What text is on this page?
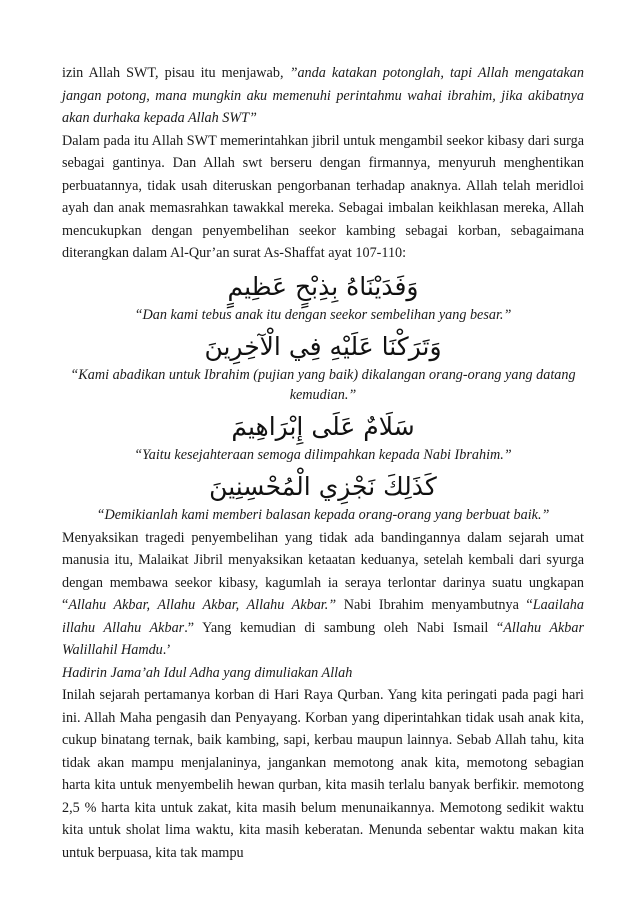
izin Allah SWT, pisau itu menjawab, ”anda katakan potonglah, tapi Allah mengatakan jangan potong, mana mungkin aku memenuhi perintahmu wahai ibrahim, jika akibatnya akan durhaka kepada Allah SWT”

Dalam pada itu Allah SWT memerintahkan jibril untuk mengambil seekor kibasy dari surga sebagai gantinya. Dan Allah swt berseru dengan firmannya, menyuruh menghentikan perbuatannya, tidak usah diteruskan pengorbanan terhadap anaknya. Allah telah meridloi ayah dan anak memasrahkan tawakkal mereka. Sebagai imbalan keikhlasan mereka, Allah mencukupkan dengan penyembelihan seekor kambing sebagai korban, sebagaimana diterangkan dalam Al-Qur’an surat As-Shaffat ayat 107-110:

وَفَدَيْنَاهُ بِذِبْحٍ عَظِيمٍ
“Dan kami tebus anak itu dengan seekor sembelihan yang besar.”
وَتَرَكْنَا عَلَيْهِ فِي الْآخِرِينَ
“Kami abadikan untuk Ibrahim (pujian yang baik) dikalangan orang-orang yang datang kemudian.”
سَلَامٌ عَلَى إِبْرَاهِيمَ
“Yaitu kesejahteraan semoga dilimpahkan kepada Nabi Ibrahim.”
كَذَلِكَ نَجْزِي الْمُحْسِنِينَ
“Demikianlah kami memberi balasan kepada orang-orang yang berbuat baik.”

Menyaksikan tragedi penyembelihan yang tidak ada bandingannya dalam sejarah umat manusia itu, Malaikat Jibril menyaksikan ketaatan keduanya, setelah kembali dari syurga dengan membawa seekor kibasy, kagumlah ia seraya terlontar darinya suatu ungkapan “Allahu Akbar, Allahu Akbar, Allahu Akbar.” Nabi Ibrahim menyambutnya “Laailaha illahu Allahu Akbar.” Yang kemudian di sambung oleh Nabi Ismail “Allahu Akbar Walillahil Hamdu.’

Hadirin Jama’ah Idul Adha yang dimuliakan Allah

Inilah sejarah pertamanya korban di Hari Raya Qurban. Yang kita peringati pada pagi hari ini. Allah Maha pengasih dan Penyayang. Korban yang diperintahkan tidak usah anak kita, cukup binatang ternak, baik kambing, sapi, kerbau maupun lainnya. Sebab Allah tahu, kita tidak akan mampu menjalaninya, jangankan memotong anak kita, memotong sebagian harta kita untuk menyembelih hewan qurban, kita masih terlalu banyak berfikir. memotong 2,5 % harta kita untuk zakat, kita masih belum menunaikannya. Memotong sedikit waktu kita untuk sholat lima waktu, kita masih keberatan. Menunda sebentar waktu makan kita untuk berpuasa, kita tak mampu
